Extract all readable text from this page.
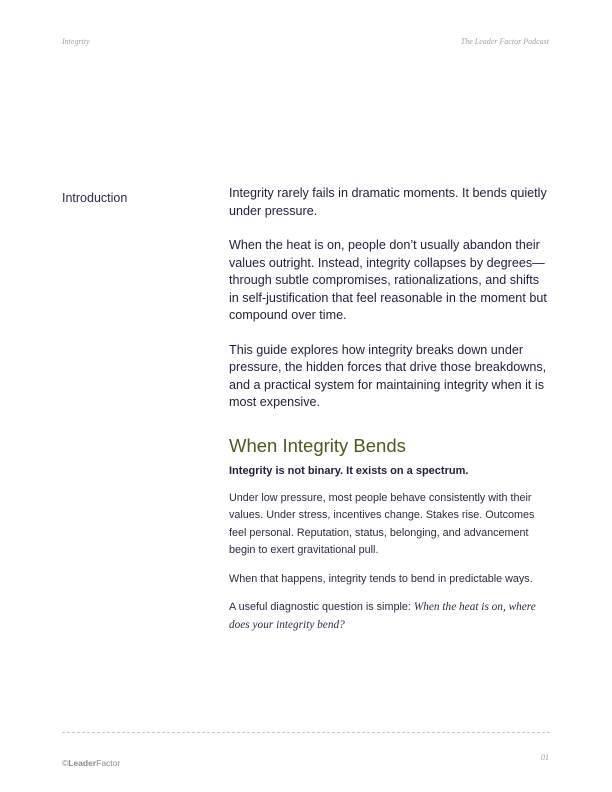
Integrity	The Leader Factor Podcast
Introduction	Integrity rarely fails in dramatic moments. It bends quietly under pressure.

When the heat is on, people don’t usually abandon their values outright. Instead, integrity collapses by degrees—through subtle compromises, rationalizations, and shifts in self-justification that feel reasonable in the moment but compound over time.

This guide explores how integrity breaks down under pressure, the hidden forces that drive those breakdowns, and a practical system for maintaining integrity when it is most expensive.

When Integrity Bends
Integrity is not binary. It exists on a spectrum.

Under low pressure, most people behave consistently with their values. Under stress, incentives change. Stakes rise. Outcomes feel personal. Reputation, status, belonging, and advancement begin to exert gravitational pull.

When that happens, integrity tends to bend in predictable ways.

A useful diagnostic question is simple: When the heat is on, where does your integrity bend?

01
©LeaderFactor
